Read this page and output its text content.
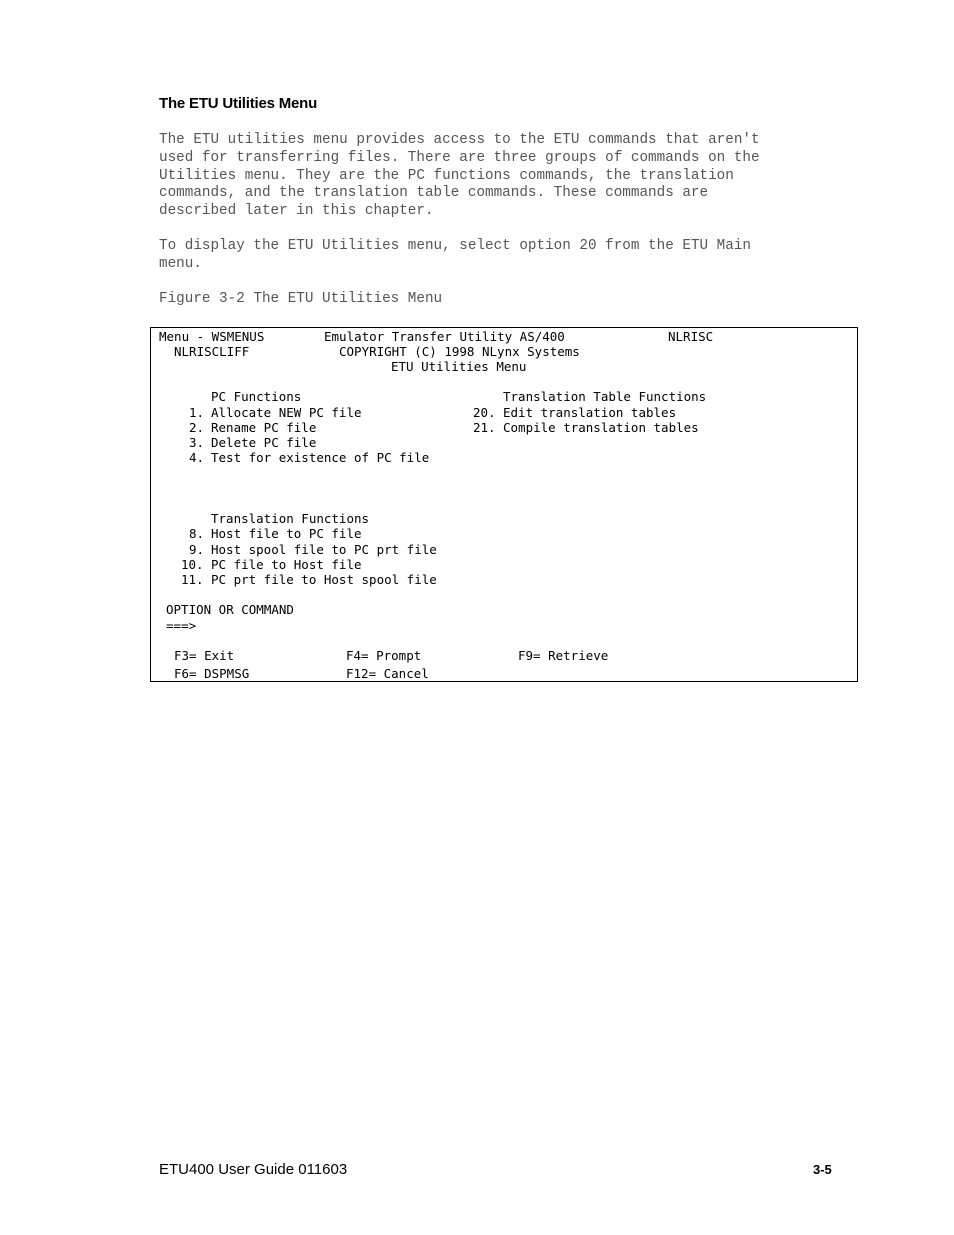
The ETU Utilities Menu
The ETU utilities menu provides access to the ETU commands that aren't
used for transferring files. There are three groups of commands on the
Utilities menu. They are the PC functions commands, the translation
commands, and the translation table commands. These commands are
described later in this chapter.
To display the ETU Utilities menu, select option 20 from the ETU Main
menu.
Figure 3-2 The ETU Utilities Menu
Menu - WSMENUS	Emulator Transfer Utility AS/400	NLRISC
NLRISCLIFF	COPYRIGHT (C) 1998 NLynx Systems
ETU Utilities Menu
PC Functions
1. Allocate NEW PC file
2. Rename PC file
3. Delete PC file
4. Test for existence of PC file
Translation Table Functions
20. Edit translation tables
21. Compile translation tables
Translation Functions
8. Host file to PC file
9. Host spool file to PC prt file
10. PC file to Host file
11. PC prt file to Host spool file
OPTION OR COMMAND
===>
F3= Exit	F4= Prompt	F9= Retrieve
F6= DSPMSG	F12= Cancel
ETU400 User Guide 011603	3-5
